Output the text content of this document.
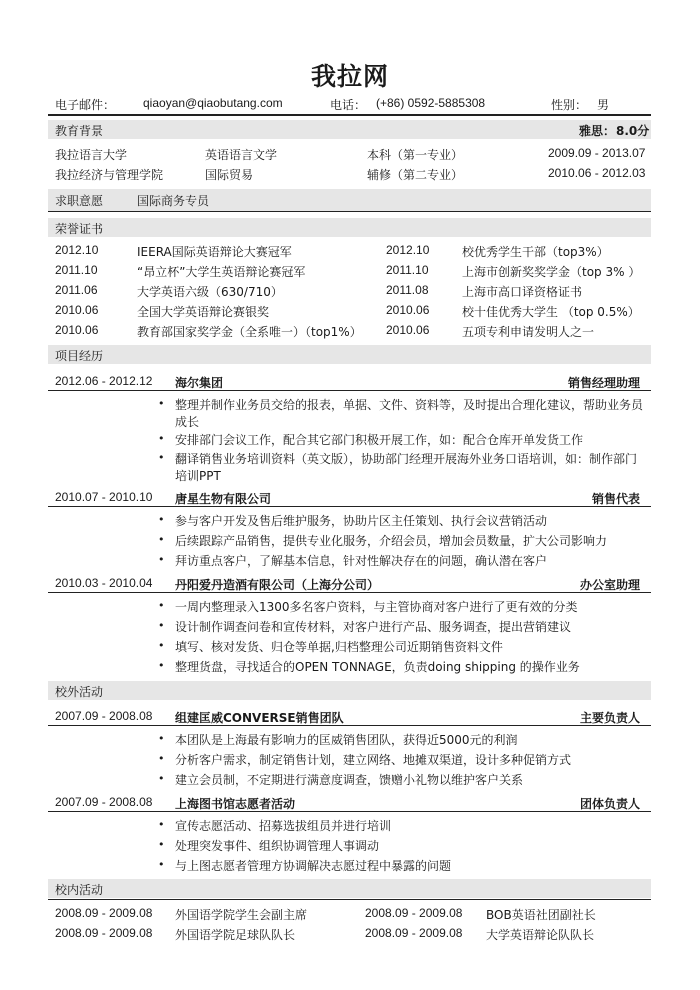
我拉网
电子邮件： qiaoyan@qiaobutang.com	电话： (+86) 0592-5885308	性别： 男
教育背景	雅思： 8.0分
我拉语言大学	英语语言文学	本科（第一专业）	2009.09 - 2013.07
我拉经济与管理学院	国际贸易	辅修（第二专业）	2010.06 - 2012.03
求职意愿	国际商务专员
荣誉证书
2012.10	IEERA国际英语辩论大赛冠军
2011.10	“昂立杯”大学生英语辩论赛冠军
2011.06	大学英语六级（630/710）
2010.06	全国大学英语辩论赛银奖
2010.06	教育部国家奖学金（全系唯一）（top1%）
2012.10	校优秀学生干部（top3%）
2011.10	上海市创新奖奖学金（top 3% ）
2011.08	上海市高口译资格证书
2010.06	校十佳优秀大学生 （top 0.5%）
2010.06	五项专利申请发明人之一
项目经历
2012.06 - 2012.12 海尔集团	销售经理助理
• 整理并制作业务员交给的报表，单据、文件、资料等，及时提出合理化建议，帮助业务员
成长
• 安排部门会议工作，配合其它部门积极开展工作，如：配合仓库开单发货工作
• 翻译销售业务培训资料（英文版），协助部门经理开展海外业务口语培训，如：制作部门
培训PPT
2010.07 - 2010.10 唐星生物有限公司	销售代表
• 参与客户开发及售后维护服务，协助片区主任策划、执行会议营销活动
• 后续跟踪产品销售，提供专业化服务，介绍会员，增加会员数量，扩大公司影响力
• 拜访重点客户，了解基本信息，针对性解决存在的问题，确认潜在客户
2010.03 - 2010.04 丹阳爱丹造酒有限公司（上海分公司）	办公室助理
• 一周内整理录入1300多名客户资料，与主管协商对客户进行了更有效的分类
• 设计制作调查问卷和宣传材料，对客户进行产品、服务调查，提出营销建议
• 填写、核对发货、归仓等单据,归档整理公司近期销售资料文件
• 整理货盘，寻找适合的OPEN TONNAGE，负责doing shipping 的操作业务
校外活动
2007.09 - 2008.08 组建匡威CONVERSE销售团队	主要负责人
• 本团队是上海最有影响力的匡威销售团队，获得近5000元的利润
• 分析客户需求，制定销售计划，建立网络、地摊双渠道，设计多种促销方式
• 建立会员制，不定期进行满意度调查，馈赠小礼物以维护客户关系
2007.09 - 2008.08 上海图书馆志愿者活动	团体负责人
• 宣传志愿活动、招募选拔组员并进行培训
• 处理突发事件、组织协调管理人事调动
• 与上图志愿者管理方协调解决志愿过程中暴露的问题
校内活动
2008.09 - 2009.08 外国语学院学生会副主席	2008.09 - 2009.08 BOB英语社团副社长
2008.09 - 2009.08 外国语学院足球队队长	2008.09 - 2009.08 大学英语辩论队队长
